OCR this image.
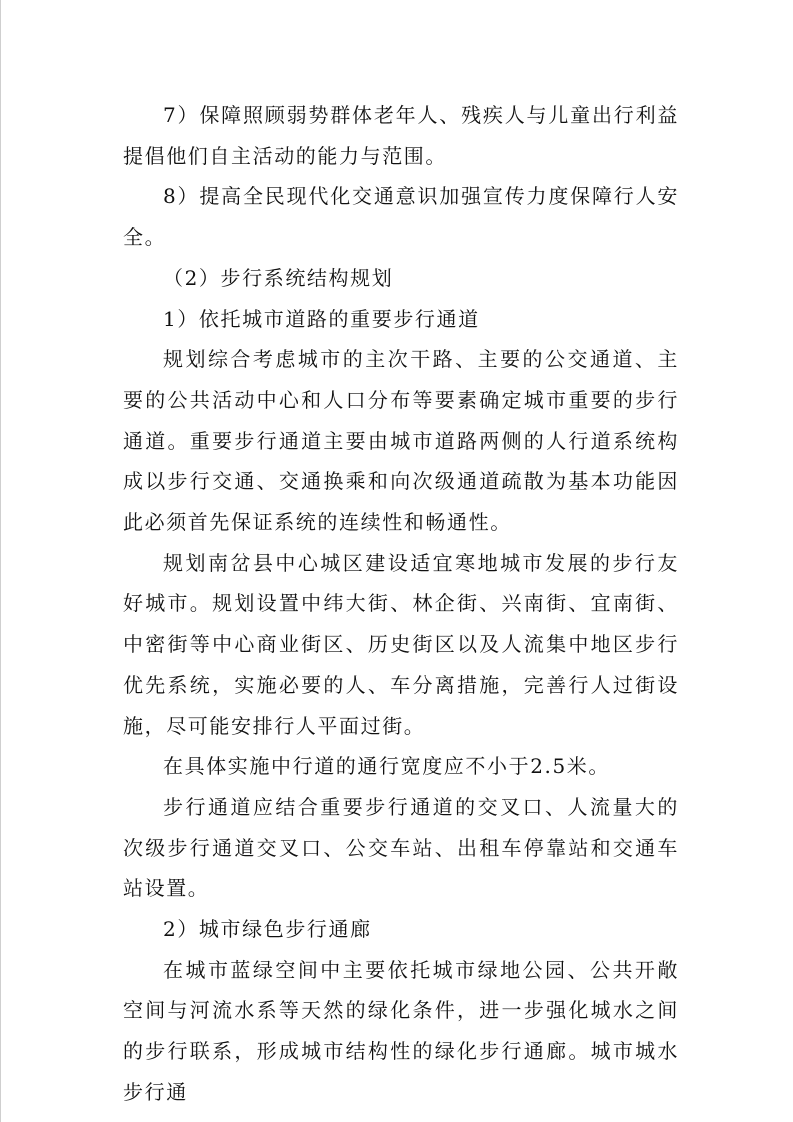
7）保障照顾弱势群体老年人、残疾人与儿童出行利益提倡他们自主活动的能力与范围。

8）提高全民现代化交通意识加强宣传力度保障行人安全。

（2）步行系统结构规划

1）依托城市道路的重要步行通道

规划综合考虑城市的主次干路、主要的公交通道、主要的公共活动中心和人口分布等要素确定城市重要的步行通道。重要步行通道主要由城市道路两侧的人行道系统构成以步行交通、交通换乘和向次级通道疏散为基本功能因此必须首先保证系统的连续性和畅通性。

规划南岔县中心城区建设适宜寒地城市发展的步行友好城市。规划设置中纬大街、林企街、兴南街、宜南街、中密街等中心商业街区、历史街区以及人流集中地区步行优先系统，实施必要的人、车分离措施，完善行人过街设施，尽可能安排行人平面过街。

在具体实施中行道的通行宽度应不小于2.5米。

步行通道应结合重要步行通道的交叉口、人流量大的次级步行通道交叉口、公交车站、出租车停靠站和交通车站设置。

2）城市绿色步行通廊

在城市蓝绿空间中主要依托城市绿地公园、公共开敞空间与河流水系等天然的绿化条件，进一步强化城水之间的步行联系，形成城市结构性的绿化步行通廊。城市城水步行通
